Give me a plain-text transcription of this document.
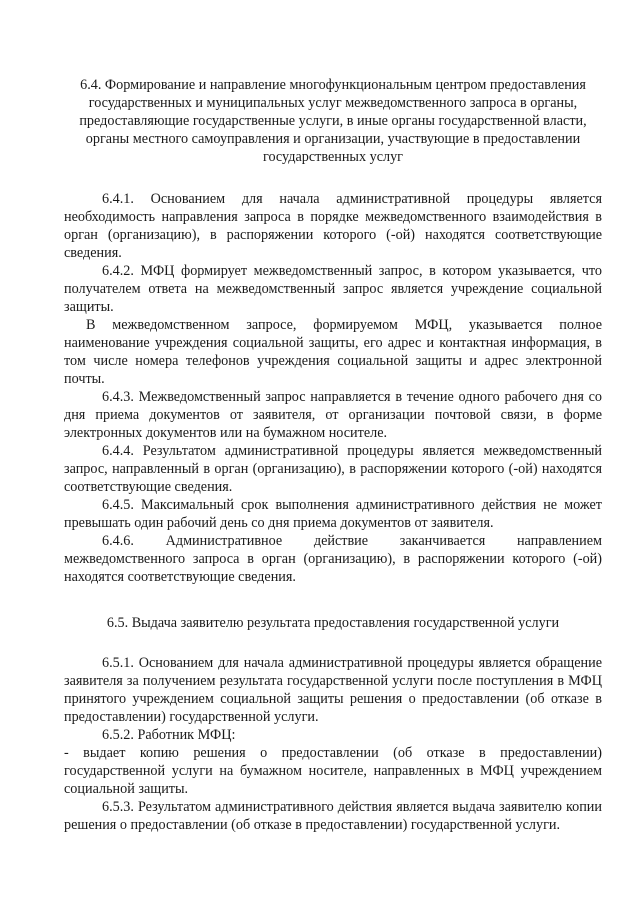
6.4. Формирование и направление многофункциональным центром предоставления государственных и муниципальных услуг межведомственного запроса в органы, предоставляющие государственные услуги, в иные органы государственной власти, органы местного самоуправления и организации, участвующие в предоставлении государственных услуг

6.4.1. Основанием для начала административной процедуры является необходимость направления запроса в порядке межведомственного взаимодействия в орган (организацию), в распоряжении которого (-ой) находятся соответствующие сведения.

6.4.2. МФЦ формирует межведомственный запрос, в котором указывается, что получателем ответа на межведомственный запрос является учреждение социальной защиты.

В межведомственном запросе, формируемом МФЦ, указывается полное наименование учреждения социальной защиты, его адрес и контактная информация, в том числе номера телефонов учреждения социальной защиты и адрес электронной почты.

6.4.3. Межведомственный запрос направляется в течение одного рабочего дня со дня приема документов от заявителя, от организации почтовой связи, в форме электронных документов или на бумажном носителе.

6.4.4. Результатом административной процедуры является межведомственный запрос, направленный в орган (организацию), в распоряжении которого (-ой) находятся соответствующие сведения.

6.4.5. Максимальный срок выполнения административного действия не может превышать один рабочий день со дня приема документов от заявителя.

6.4.6. Административное действие заканчивается направлением межведомственного запроса в орган (организацию), в распоряжении которого (-ой) находятся соответствующие сведения.

6.5. Выдача заявителю результата предоставления государственной услуги

6.5.1. Основанием для начала административной процедуры является обращение заявителя за получением результата государственной услуги после поступления в МФЦ принятого учреждением социальной защиты решения о предоставлении (об отказе в предоставлении) государственной услуги.

6.5.2. Работник МФЦ:

- выдает копию решения о предоставлении (об отказе в предоставлении) государственной услуги на бумажном носителе, направленных в МФЦ учреждением социальной защиты.

6.5.3. Результатом административного действия является выдача заявителю копии решения о предоставлении (об отказе в предоставлении) государственной услуги.
